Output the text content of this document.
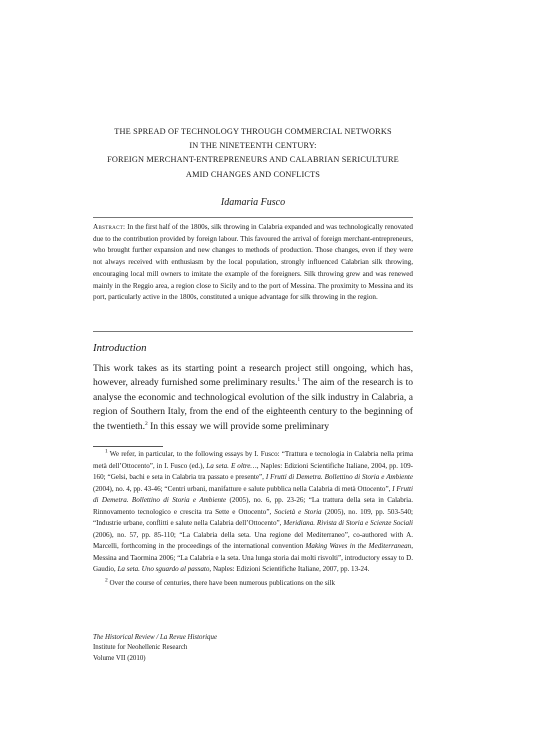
THE SPREAD OF TECHNOLOGY THROUGH COMMERCIAL NETWORKS
IN THE NINETEENTH CENTURY:
FOREIGN MERCHANT-ENTREPRENEURS AND CALABRIAN SERICULTURE
AMID CHANGES AND CONFLICTS
Idamaria Fusco
Abstract: In the first half of the 1800s, silk throwing in Calabria expanded and was technologically renovated due to the contribution provided by foreign labour. This favoured the arrival of foreign merchant-entrepreneurs, who brought further expansion and new changes to methods of production. Those changes, even if they were not always received with enthusiasm by the local population, strongly influenced Calabrian silk throwing, encouraging local mill owners to imitate the example of the foreigners. Silk throwing grew and was renewed mainly in the Reggio area, a region close to Sicily and to the port of Messina. The proximity to Messina and its port, particularly active in the 1800s, constituted a unique advantage for silk throwing in the region.
Introduction
This work takes as its starting point a research project still ongoing, which has, however, already furnished some preliminary results.$^1$ The aim of the research is to analyse the economic and technological evolution of the silk industry in Calabria, a region of Southern Italy, from the end of the eighteenth century to the beginning of the twentieth.$^2$ In this essay we will provide some preliminary

$^1$ We refer, in particular, to the following essays by I. Fusco: “Trattura e tecnologia in Calabria nella prima metà dell’Ottocento”, in I. Fusco (ed.), La seta. E oltre…, Naples: Edizioni Scientifiche Italiane, 2004, pp. 109-160; “Gelsi, bachi e seta in Calabria tra passato e presente”, I Frutti di Demetra. Bollettino di Storia e Ambiente (2004), no. 4, pp. 43-46; “Centri urbani, manifatture e salute pubblica nella Calabria di metà Ottocento”, I Frutti di Demetra. Bollettino di Storia e Ambiente (2005), no. 6, pp. 23-26; “La trattura della seta in Calabria. Rinnovamento tecnologico e crescita tra Sette e Ottocento”, Società e Storia (2005), no. 109, pp. 503-540; “Industrie urbane, conflitti e salute nella Calabria dell’Ottocento”, Meridiana. Rivista di Storia e Scienze Sociali (2006), no. 57, pp. 85-110; “La Calabria della seta. Una regione del Mediterraneo”, co-authored with A. Marcelli, forthcoming in the proceedings of the international convention Making Waves in the Mediterranean, Messina and Taormina 2006; “La Calabria e la seta. Una lunga storia dai molti risvolti”, introductory essay to D. Gaudio, La seta. Uno sguardo al passato, Naples: Edizioni Scientifiche Italiane, 2007, pp. 13-24.

$^2$ Over the course of centuries, there have been numerous publications on the silk

The Historical Review / La Revue Historique
Institute for Neohellenic Research
Volume VII (2010)
